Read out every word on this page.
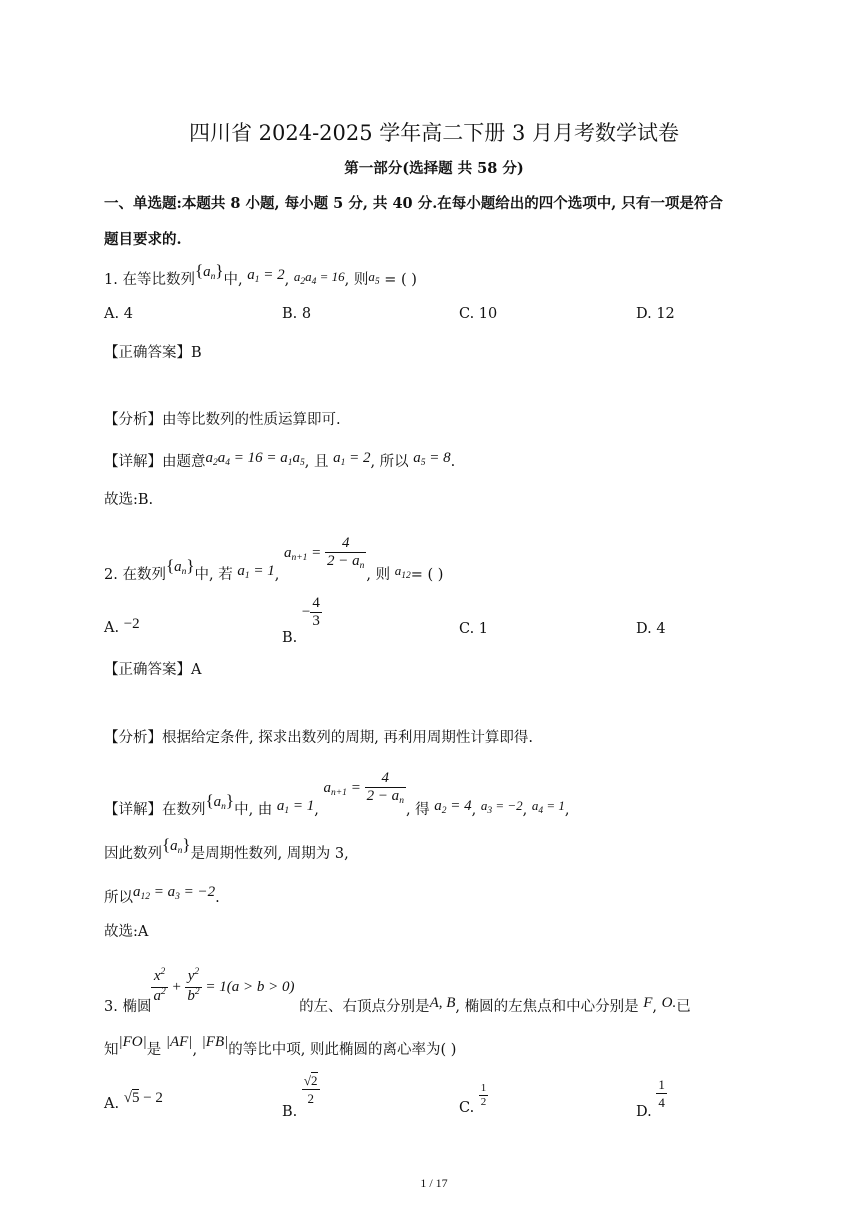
四川省 2024-2025 学年高二下册 3 月月考数学试卷
第一部分(选择题 共 58 分)
一、单选题:本题共 8 小题, 每小题 5 分, 共 40 分.在每小题给出的四个选项中, 只有一项是符合
题目要求的.
1. 在等比数列$\{a_n\}$中, $a_1 = 2$, $a_2a_4 = 16$, 则$a_5$ = ( )
A. 4	B. 8	C. 10	D. 12
【正确答案】B
【分析】由等比数列的性质运算即可.
【详解】由题意$a_2a_4 = 16 = a_1a_5$, 且 $a_1 = 2$, 所以 $a_5 = 8$.
故选:B.
2. 在数列$\{a_n\}$中, 若 $a_1 = 1$, $a_{n+1} = \frac{4}{2 - a_n}$
, 则 $a_{12}=$ ( )
A. −2
B. − $\frac{4}{3}$	C. 1	D. 4
【正确答案】A
【分析】根据给定条件, 探求出数列的周期, 再利用周期性计算即得.
【详解】在数列$\{a_n\}$中, 由 $a_1 = 1$, $a_{n+1} = \frac{4}{2 - a_n}$
, 得 $a_2 = 4$, $a_3 = -2$, $a_4 = 1$,
因此数列$\{a_n\}$是周期性数列, 周期为 3,
所以$a_{12} = a_3 = -2$.
故选:A
3. 椭圆 $\frac{x^2}{a^2} + \frac{y^2}{b^2} = 1(a > b > 0)$ 的左、右顶点分别是A, B, 椭圆的左焦点和中心分别是 F, O.已
知|FO|是 |AF|, |FB|的等比中项, 则此椭圆的离心率为( )
A. √5 − 2
B.
$\frac{√2}{2}$
C. $\frac{1}{2}$
D.
$\frac{1}{4}$
1 / 17
